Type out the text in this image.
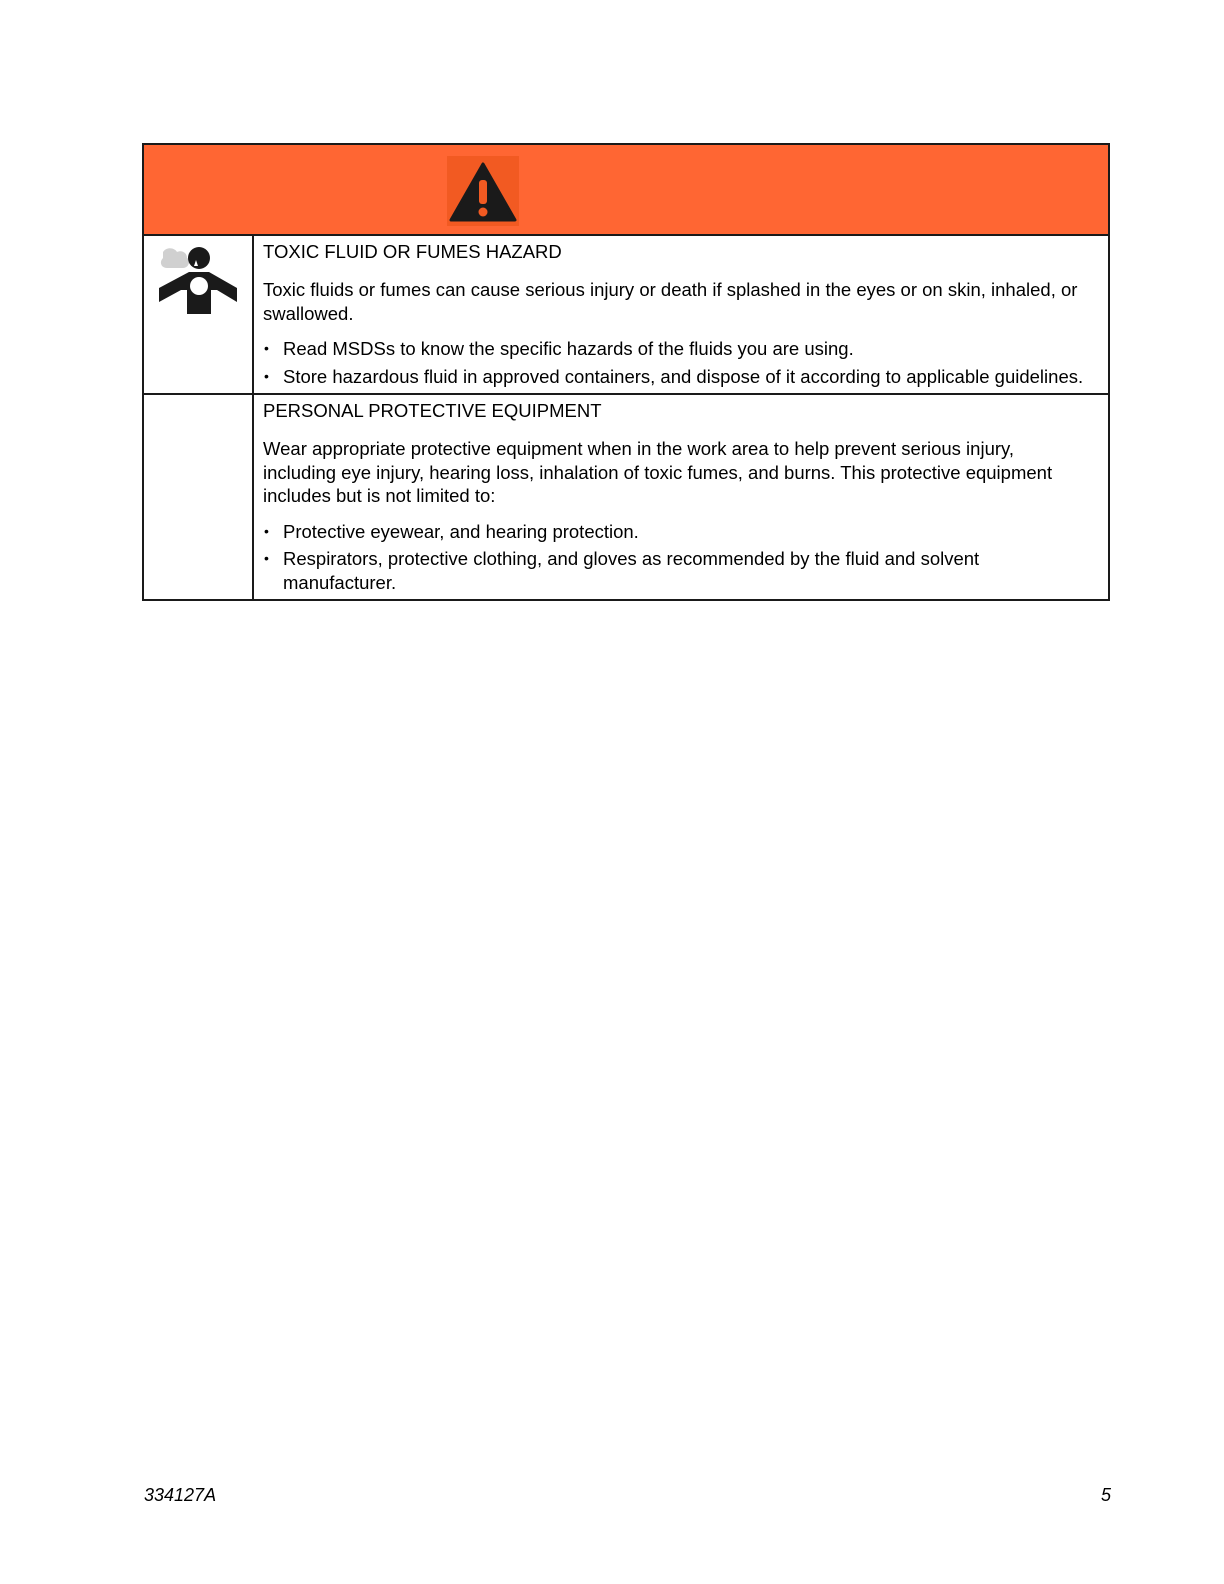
TOXIC FLUID OR FUMES HAZARD
Toxic fluids or fumes can cause serious injury or death if splashed in the eyes or on skin, inhaled, or swallowed.
• Read MSDSs to know the specific hazards of the fluids you are using.
• Store hazardous fluid in approved containers, and dispose of it according to applicable guidelines.
PERSONAL PROTECTIVE EQUIPMENT
Wear appropriate protective equipment when in the work area to help prevent serious injury, including eye injury, hearing loss, inhalation of toxic fumes, and burns. This protective equipment includes but is not limited to:
• Protective eyewear, and hearing protection.
• Respirators, protective clothing, and gloves as recommended by the fluid and solvent manufacturer.
334127A	5
